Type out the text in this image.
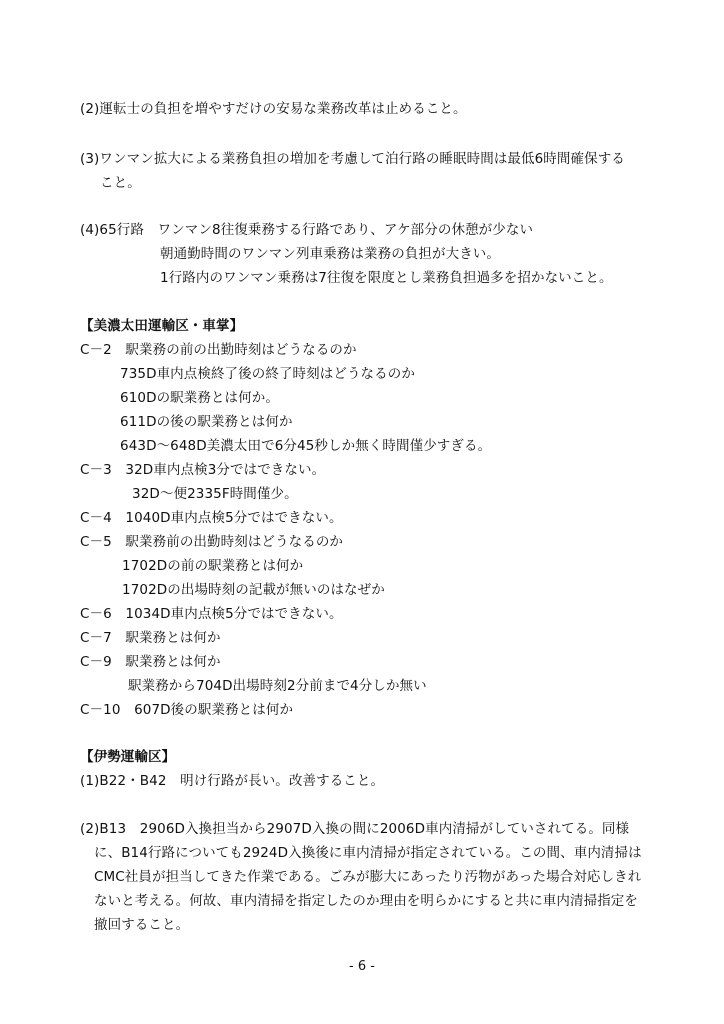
(2)運転士の負担を増やすだけの安易な業務改革は止めること。
(3)ワンマン拡大による業務負担の増加を考慮して泊行路の睡眠時間は最低6時間確保する
こと。
(4)65行路　ワンマン8往復乗務する行路であり、アケ部分の休憩が少ない
朝通勤時間のワンマン列車乗務は業務の負担が大きい。
1行路内のワンマン乗務は7往復を限度とし業務負担過多を招かないこと。
【美濃太田運輸区・車掌】
C－2　駅業務の前の出勤時刻はどうなるのか
735D車内点検終了後の終了時刻はどうなるのか
610Dの駅業務とは何か。
611Dの後の駅業務とは何か
643D～648D美濃太田で6分45秒しか無く時間僅少すぎる。
C－3　32D車内点検3分ではできない。
32D～便2335F時間僅少。
C－4　1040D車内点検5分ではできない。
C－5　駅業務前の出勤時刻はどうなるのか
1702Dの前の駅業務とは何か
1702Dの出場時刻の記載が無いのはなぜか
C－6　1034D車内点検5分ではできない。
C－7　駅業務とは何か
C－9　駅業務とは何か
駅業務から704D出場時刻2分前まで4分しか無い
C－10　607D後の駅業務とは何か
【伊勢運輸区】
(1)B22・B42　明け行路が長い。改善すること。
(2)B13　2906D入換担当から2907D入換の間に2006D車内清掃がしていされてる。同様
に、B14行路についても2924D入換後に車内清掃が指定されている。この間、車内清掃は
CMC社員が担当してきた作業である。ごみが膨大にあったり汚物があった場合対応しきれ
ないと考える。何故、車内清掃を指定したのか理由を明らかにすると共に車内清掃指定を
撤回すること。
- 6 -
